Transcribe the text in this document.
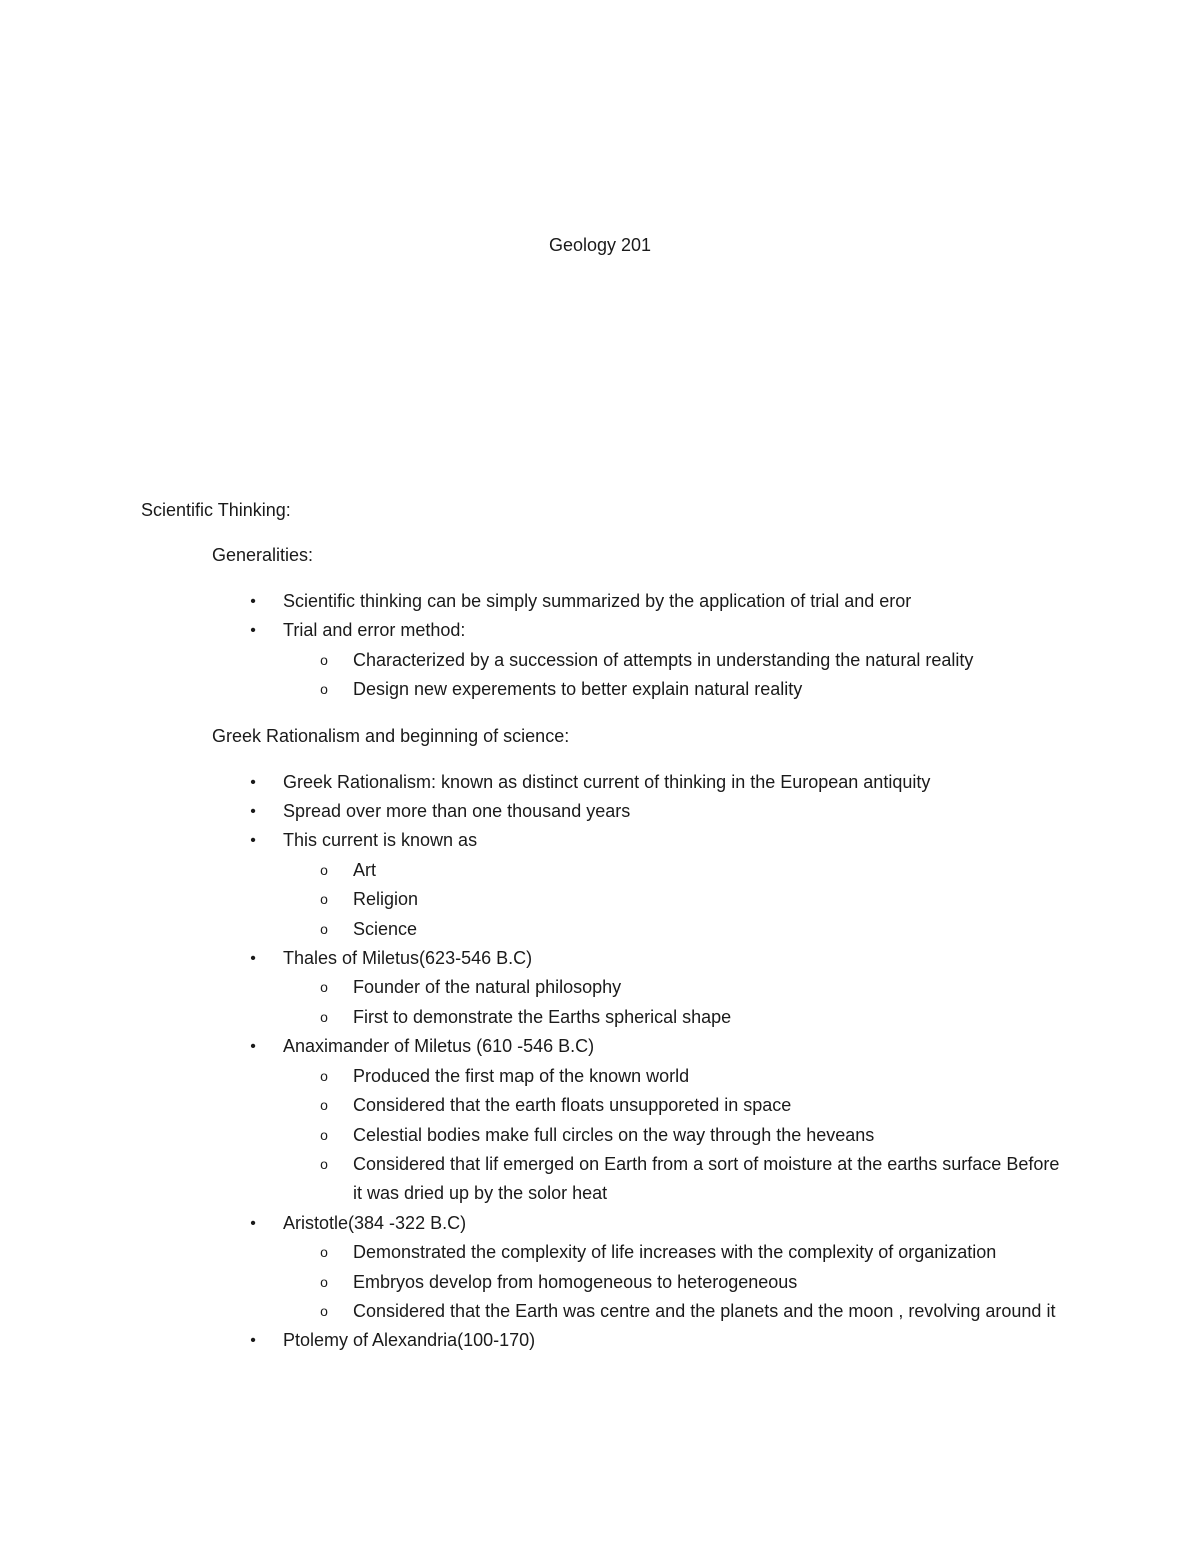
Geology 201
Scientific Thinking:
Generalities:
• Scientific thinking can be simply summarized by the application of trial and eror
• Trial and error method:
o Characterized by a succession of attempts in understanding the natural reality
o Design new experements to better explain natural reality
Greek Rationalism and beginning of science:
• Greek Rationalism: known as distinct current of thinking in the European antiquity
• Spread over more than one thousand years
• This current is known as
o Art
o Religion
o Science
• Thales of Miletus(623-546 B.C)
o Founder of the natural philosophy
o First to demonstrate the Earths spherical shape
• Anaximander of Miletus (610 -546 B.C)
o Produced the first map of the known world
o Considered that the earth floats unsupporeted in space
o Celestial bodies make full circles on the way through the heveans
o Considered that lif emerged on Earth from a sort of moisture at the earths surface Before it was dried up by the solor heat
• Aristotle(384 -322 B.C)
o Demonstrated the complexity of life increases with the complexity of organization
o Embryos develop from homogeneous to heterogeneous
o Considered that the Earth was centre and the planets and the moon , revolving around it
• Ptolemy of Alexandria(100-170)
